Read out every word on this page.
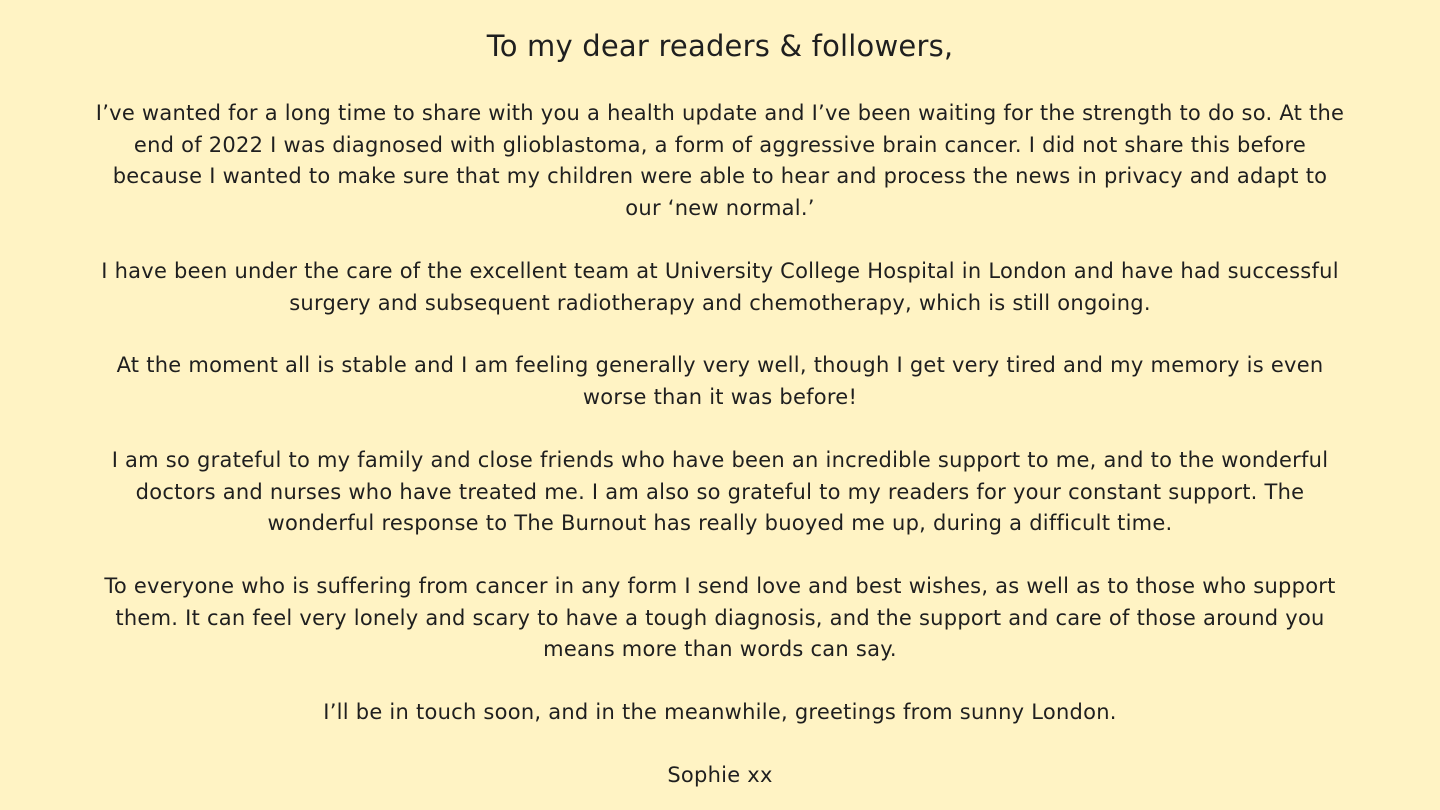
To my dear readers & followers,

I’ve wanted for a long time to share with you a health update and I’ve been waiting for the strength to do so. At the end of 2022 I was diagnosed with glioblastoma, a form of aggressive brain cancer. I did not share this before because I wanted to make sure that my children were able to hear and process the news in privacy and adapt to our ‘new normal.’

I have been under the care of the excellent team at University College Hospital in London and have had successful surgery and subsequent radiotherapy and chemotherapy, which is still ongoing.

At the moment all is stable and I am feeling generally very well, though I get very tired and my memory is even worse than it was before!

I am so grateful to my family and close friends who have been an incredible support to me, and to the wonderful doctors and nurses who have treated me. I am also so grateful to my readers for your constant support. The wonderful response to The Burnout has really buoyed me up, during a difficult time.

To everyone who is suffering from cancer in any form I send love and best wishes, as well as to those who support them. It can feel very lonely and scary to have a tough diagnosis, and the support and care of those around you means more than words can say.

I’ll be in touch soon, and in the meanwhile, greetings from sunny London.

Sophie xx
